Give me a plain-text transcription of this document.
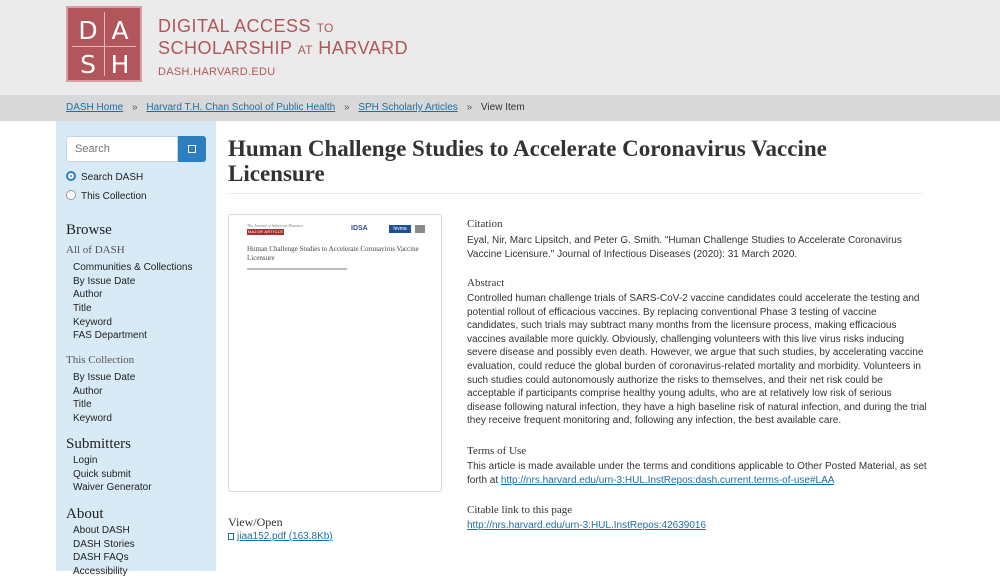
D A
S H
DIGITAL ACCESS TO
SCHOLARSHIP AT HARVARD
DASH.HARVARD.EDU
DASH Home » Harvard T.H. Chan School of Public Health » SPH Scholarly Articles » View Item
Search
Search DASH
This Collection
Browse
All of DASH
Communities & Collections
By Issue Date
Author
Title
Keyword
FAS Department
This Collection
By Issue Date
Author
Title
Keyword
Submitters
Login
Quick submit
Waiver Generator
About
About DASH
DASH Stories
DASH FAQs
Accessibility
Human Challenge Studies to Accelerate Coronavirus Vaccine Licensure
The Journal of Infectious Diseases
MAJOR ARTICLE	IDSA	hivma
Human Challenge Studies to Accelerate Coronavirus Vaccine Licensure
View/Open
jiaa152.pdf (163.8Kb)
Citation
Eyal, Nir, Marc Lipsitch, and Peter G. Smith. "Human Challenge Studies to Accelerate Coronavirus Vaccine Licensure." Journal of Infectious Diseases (2020): 31 March 2020.
Abstract
Controlled human challenge trials of SARS-CoV-2 vaccine candidates could accelerate the testing and potential rollout of efficacious vaccines. By replacing conventional Phase 3 testing of vaccine candidates, such trials may subtract many months from the licensure process, making efficacious vaccines available more quickly. Obviously, challenging volunteers with this live virus risks inducing severe disease and possibly even death. However, we argue that such studies, by accelerating vaccine evaluation, could reduce the global burden of coronavirus-related mortality and morbidity. Volunteers in such studies could autonomously authorize the risks to themselves, and their net risk could be acceptable if participants comprise healthy young adults, who are at relatively low risk of serious disease following natural infection, they have a high baseline risk of natural infection, and during the trial they receive frequent monitoring and, following any infection, the best available care.
Terms of Use
This article is made available under the terms and conditions applicable to Other Posted Material, as set forth at http://nrs.harvard.edu/urn-3:HUL.InstRepos:dash.current.terms-of-use#LAA
Citable link to this page
http://nrs.harvard.edu/urn-3:HUL.InstRepos:42639016
